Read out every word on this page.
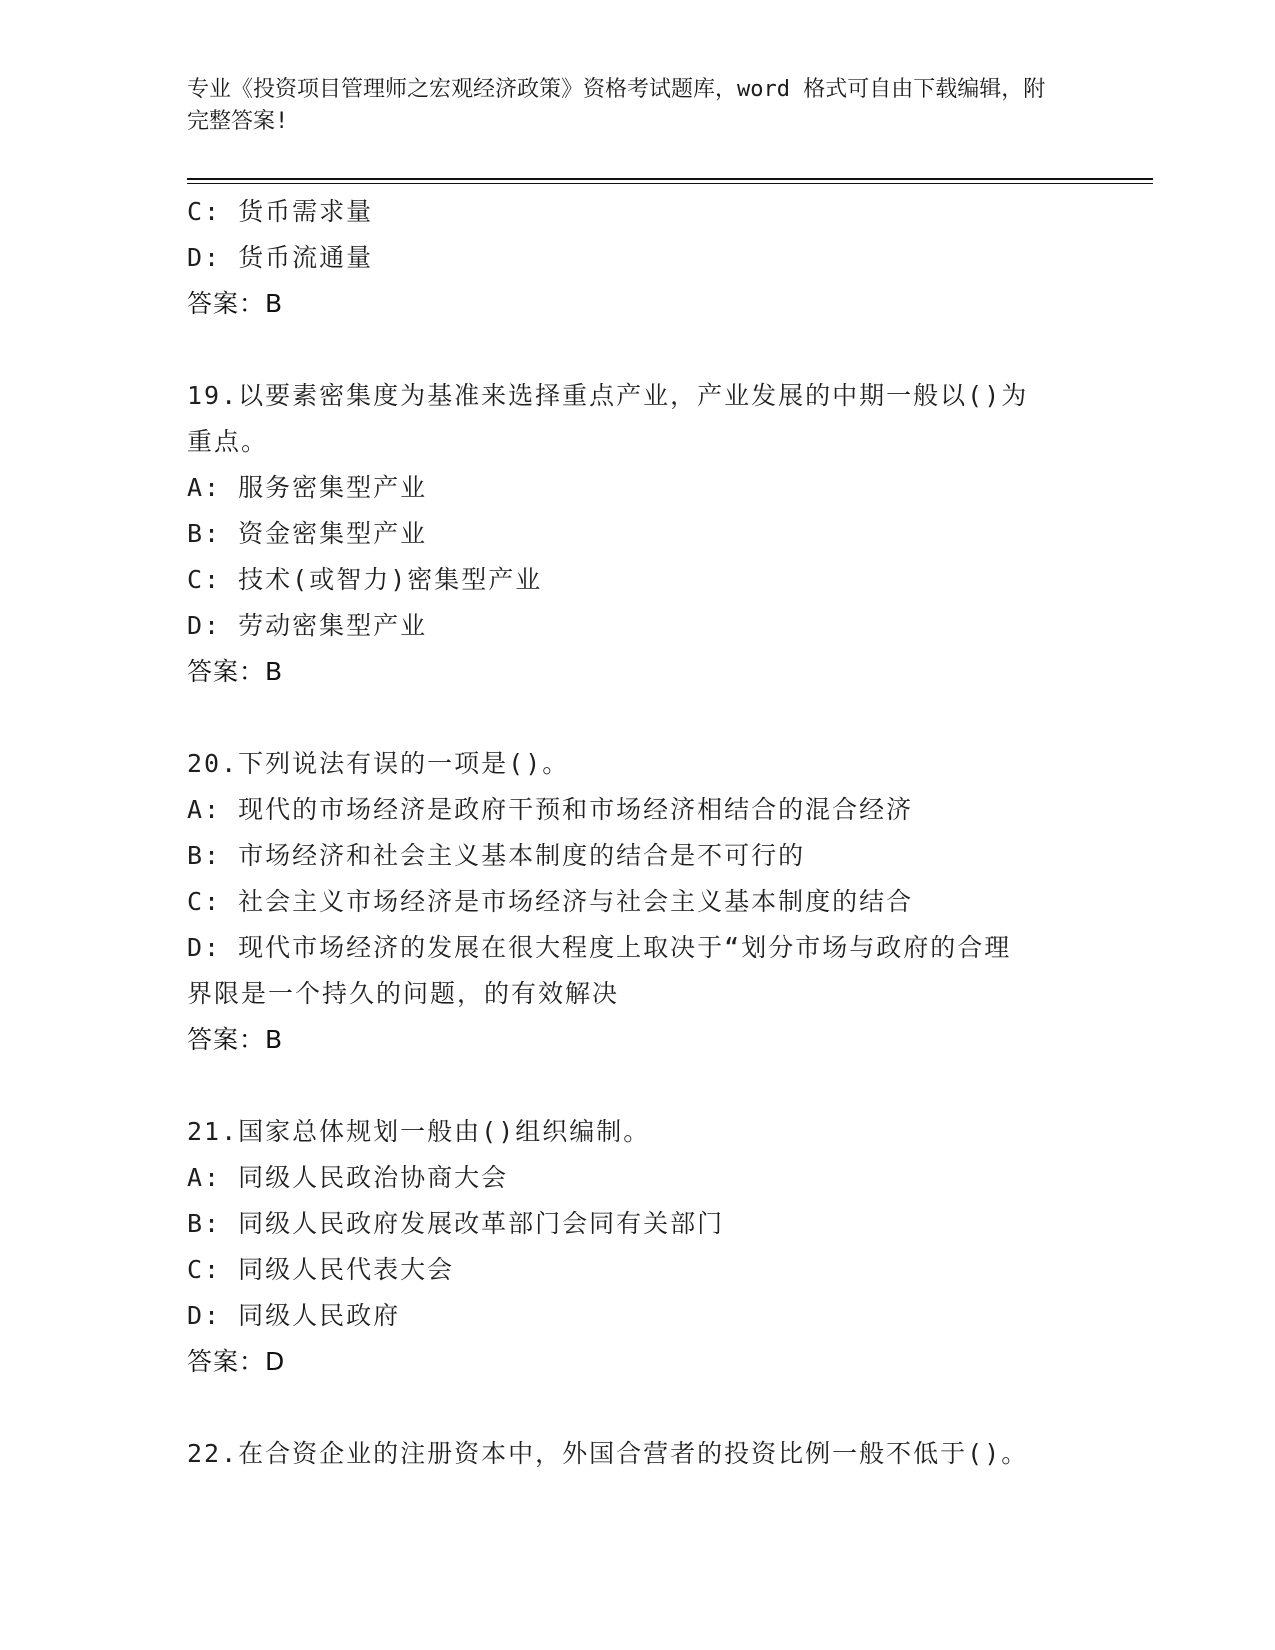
专业《投资项目管理师之宏观经济政策》资格考试题库，word 格式可自由下载编辑，附完整答案!
C: 货币需求量
D: 货币流通量
答案：B
19.以要素密集度为基准来选择重点产业，产业发展的中期一般以()为
重点。
A: 服务密集型产业
B: 资金密集型产业
C: 技术(或智力)密集型产业
D: 劳动密集型产业
答案：B
20.下列说法有误的一项是()。
A: 现代的市场经济是政府干预和市场经济相结合的混合经济
B: 市场经济和社会主义基本制度的结合是不可行的
C: 社会主义市场经济是市场经济与社会主义基本制度的结合
D: 现代市场经济的发展在很大程度上取决于“划分市场与政府的合理
界限是一个持久的问题，的有效解决
答案：B
21.国家总体规划一般由()组织编制。
A: 同级人民政治协商大会
B: 同级人民政府发展改革部门会同有关部门
C: 同级人民代表大会
D: 同级人民政府
答案：D
22.在合资企业的注册资本中，外国合营者的投资比例一般不低于()。
